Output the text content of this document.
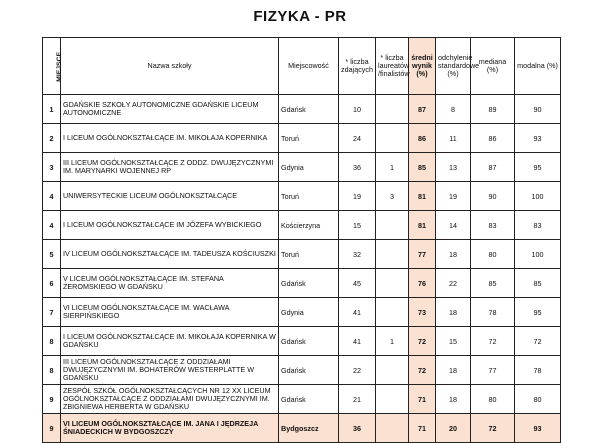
FIZYKA - PR
MIEJSCE	Nazwa szkoły	Miejscowość	* liczba zdających	* liczba laureatów /finalistów	średni wynik (%)	odchylenie standardowe (%)	mediana (%)	modalna (%)
1	GDAŃSKIE SZKOŁY AUTONOMICZNE GDAŃSKIE LICEUM AUTONOMICZNE	Gdańsk	10		87	8	89	90
2	I LICEUM OGÓLNOKSZTAŁCĄCE IM. MIKOŁAJA KOPERNIKA	Toruń	24		86	11	86	93
3	III LICEUM OGÓLNOKSZTAŁCĄCE Z ODDZ. DWUJĘZYCZNYMI IM. MARYNARKI WOJENNEJ RP	Gdynia	36	1	85	13	87	95
4	UNIWERSYTECKIE LICEUM OGÓLNOKSZTAŁCĄCE	Toruń	19	3	81	19	90	100
4	I LICEUM OGÓLNOKSZTAŁCĄCE IM JÓZEFA WYBICKIEGO	Kościerzyna	15		81	14	83	83
5	IV LICEUM OGÓLNOKSZTAŁCĄCE IM. TADEUSZA KOŚCIUSZKI	Toruń	32		77	18	80	100
6	V LICEUM OGÓLNOKSZTAŁCĄCE IM. STEFANA ŻEROMSKIEGO W GDAŃSKU	Gdańsk	45		76	22	85	85
7	VI LICEUM OGÓLNOKSZTAŁCĄCE IM. WACŁAWA SIERPIŃSKIEGO	Gdynia	41		73	18	78	95
8	I LICEUM OGÓLNOKSZTAŁCĄCE IM. MIKOŁAJA KOPERNIKA W GDAŃSKU	Gdańsk	41	1	72	15	72	72
8	III LICEUM OGÓLNOKSZTAŁCĄCE Z ODDZIAŁAMI DWUJĘZYCZNYMI IM. BOHATERÓW WESTERPLATTE W GDAŃSKU	Gdańsk	22		72	18	77	78
9	ZESPÓŁ SZKÓŁ OGÓLNOKSZTAŁCĄCYCH NR 12 XX LICEUM OGÓLNOKSZTAŁCĄCE Z ODDZIAŁAMI DWUJĘZYCZNYMI IM. ZBIGNIEWA HERBERTA W GDAŃSKU	Gdańsk	21		71	18	80	80
9	VI LICEUM OGÓLNOKSZTAŁCĄCE IM. JANA I JĘDRZEJA ŚNIADECKICH W BYDGOSZCZY	Bydgoszcz	36		71	20	72	93
